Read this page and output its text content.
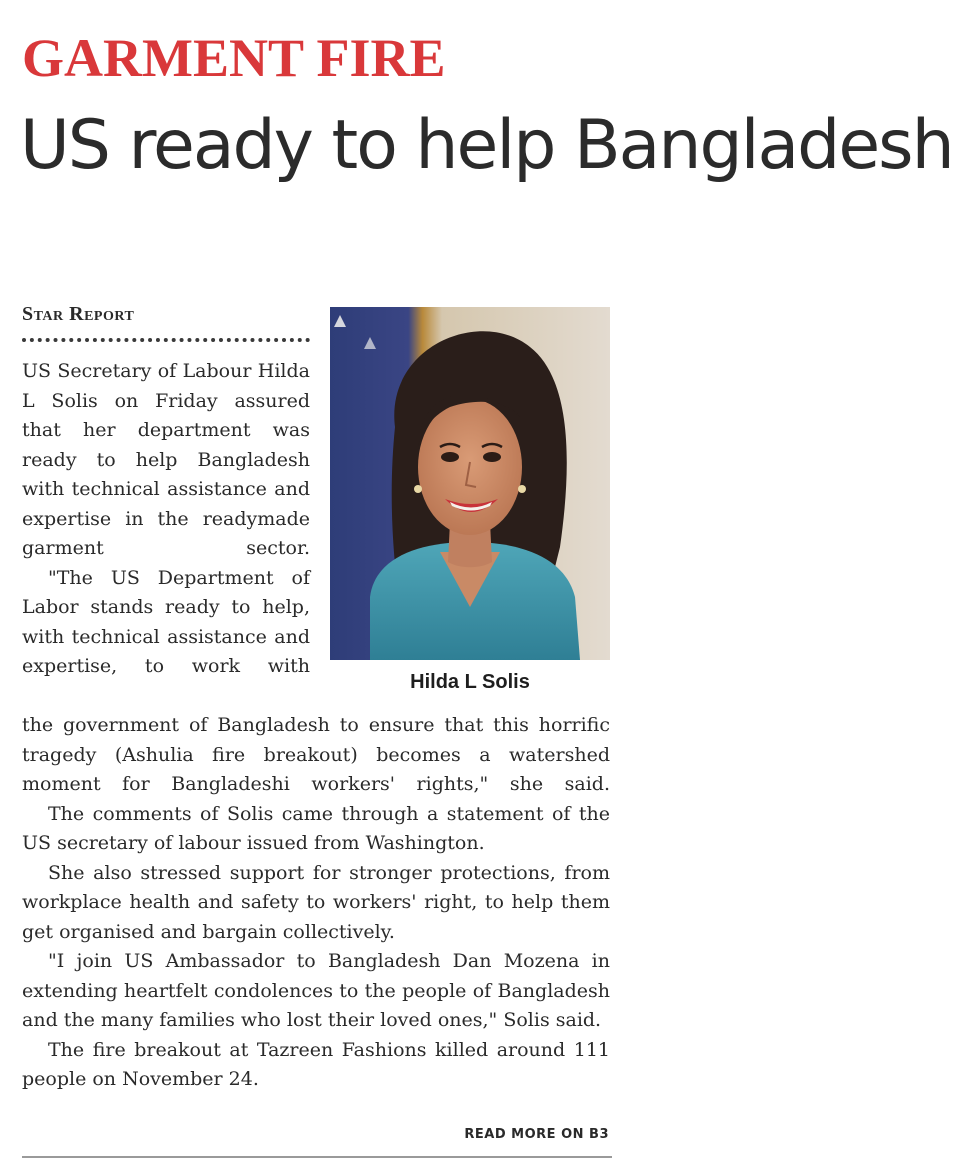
GARMENT FIRE
US ready to help Bangladesh
Star Report

US Secretary of Labour Hilda L Solis on Friday assured that her department was ready to help Bangladesh with technical assistance and expertise in the readymade garment sector.

"The US Department of Labor stands ready to help, with technical assistance and expertise, to work with

Hilda L Solis

the government of Bangladesh to ensure that this horrific tragedy (Ashulia fire breakout) becomes a watershed moment for Bangladeshi workers' rights," she said.

The comments of Solis came through a statement of the US secretary of labour issued from Washington.

She also stressed support for stronger protections, from workplace health and safety to workers' right, to help them get organised and bargain collectively.

"I join US Ambassador to Bangladesh Dan Mozena in extending heartfelt condolences to the people of Bangladesh and the many families who lost their loved ones," Solis said.

The fire breakout at Tazreen Fashions killed around 111 people on November 24.

READ MORE ON B3
